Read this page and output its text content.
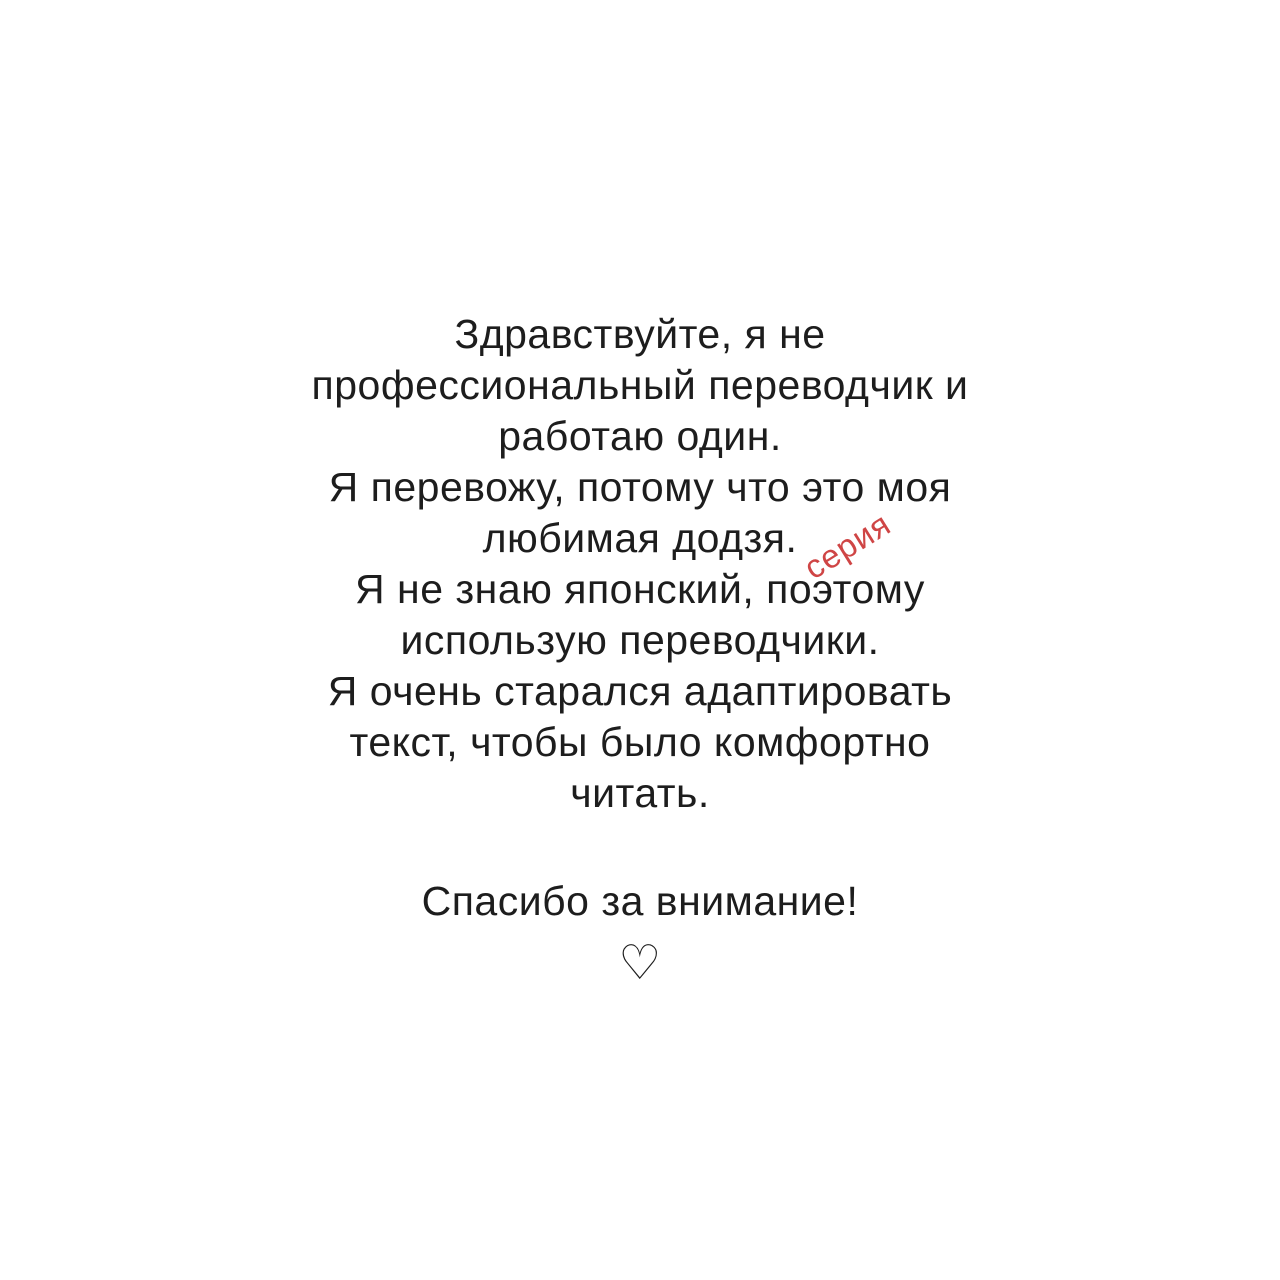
Здравствуйте, я не
профессиональный переводчик и
работаю один.
Я перевожу, потому что это моя
любимая додзя. серия
Я не знаю японский, поэтому
использую переводчики.
Я очень старался адаптировать
текст, чтобы было комфортно
читать.
Спасибо за внимание!
♡
